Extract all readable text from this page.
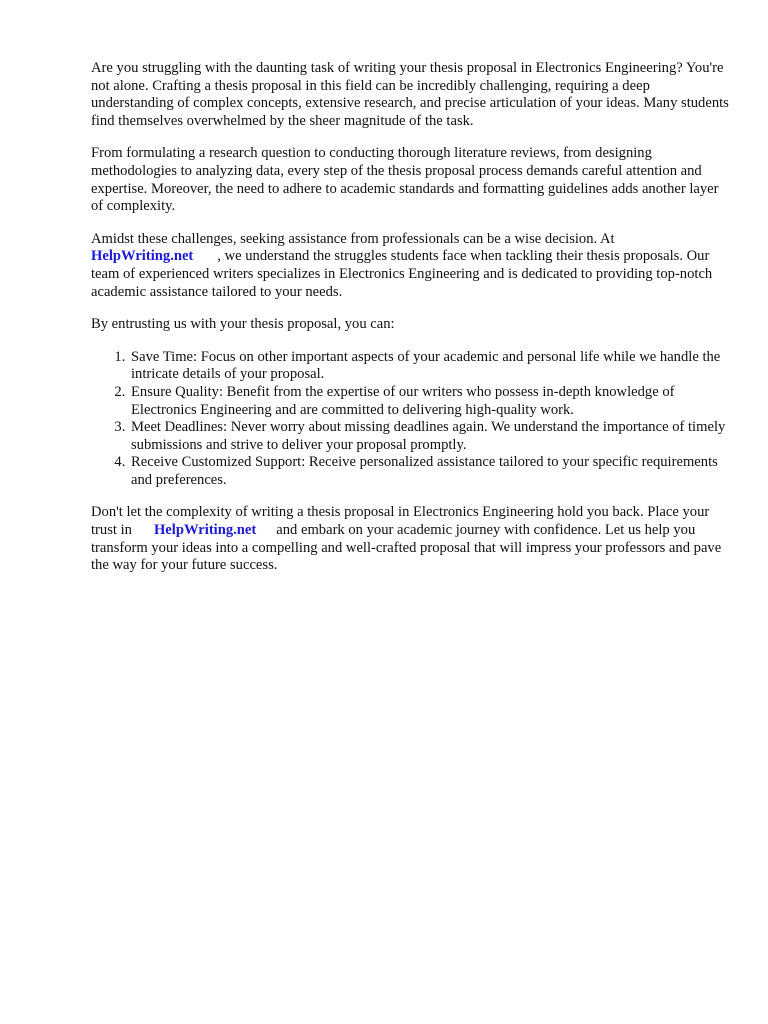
Are you struggling with the daunting task of writing your thesis proposal in Electronics Engineering? You're not alone. Crafting a thesis proposal in this field can be incredibly challenging, requiring a deep understanding of complex concepts, extensive research, and precise articulation of your ideas. Many students find themselves overwhelmed by the sheer magnitude of the task.

From formulating a research question to conducting thorough literature reviews, from designing methodologies to analyzing data, every step of the thesis proposal process demands careful attention and expertise. Moreover, the need to adhere to academic standards and formatting guidelines adds another layer of complexity.

Amidst these challenges, seeking assistance from professionals can be a wise decision. At
HelpWriting.net , we understand the struggles students face when tackling their thesis proposals. Our team of experienced writers specializes in Electronics Engineering and is dedicated to providing top-notch academic assistance tailored to your needs.

By entrusting us with your thesis proposal, you can:

1. Save Time: Focus on other important aspects of your academic and personal life while we handle the intricate details of your proposal.
2. Ensure Quality: Benefit from the expertise of our writers who possess in-depth knowledge of Electronics Engineering and are committed to delivering high-quality work.
3. Meet Deadlines: Never worry about missing deadlines again. We understand the importance of timely submissions and strive to deliver your proposal promptly.
4. Receive Customized Support: Receive personalized assistance tailored to your specific requirements and preferences.

Don't let the complexity of writing a thesis proposal in Electronics Engineering hold you back. Place your trust in HelpWriting.net and embark on your academic journey with confidence. Let us help you transform your ideas into a compelling and well-crafted proposal that will impress your professors and pave the way for your future success.
